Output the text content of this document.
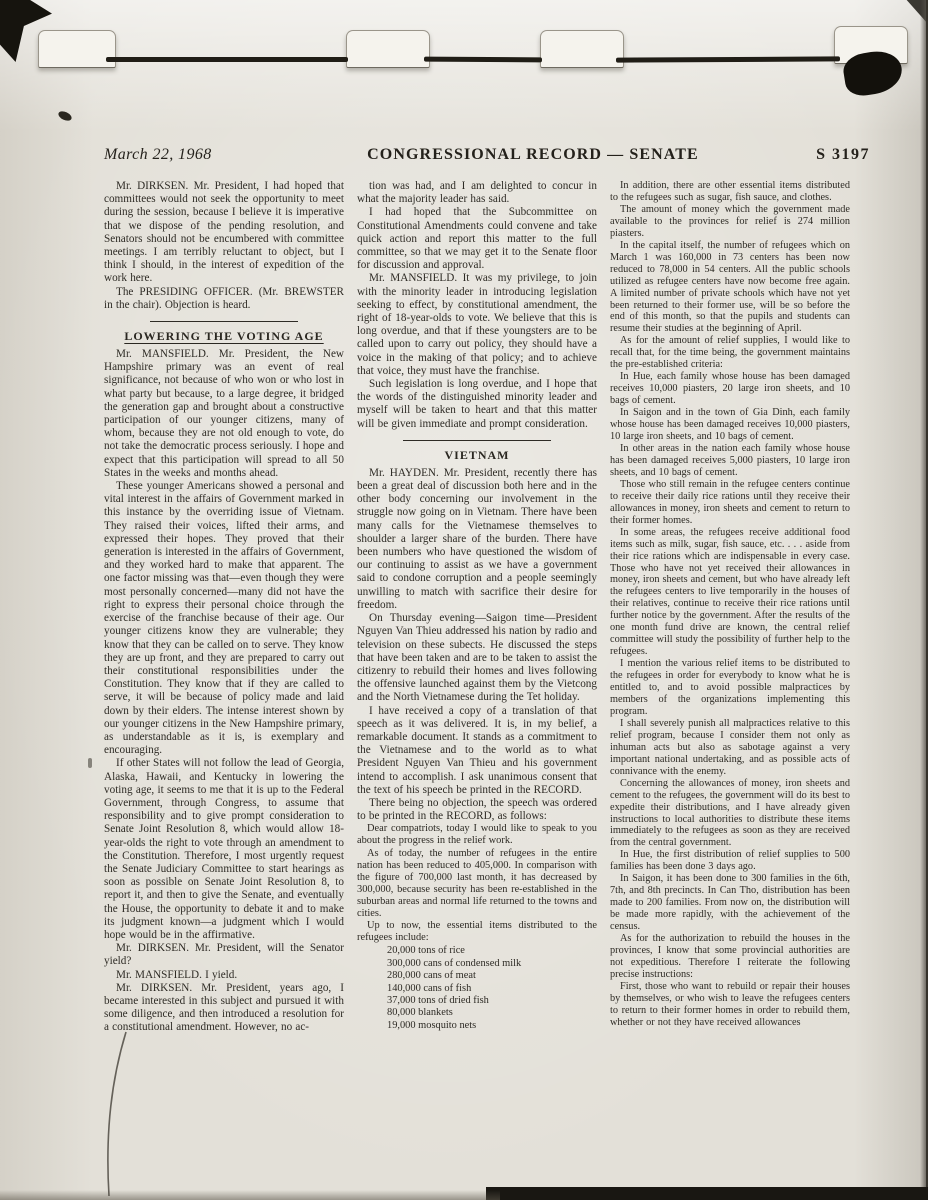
March 22, 1968	CONGRESSIONAL RECORD — SENATE	S 3197

Mr. DIRKSEN. Mr. President, I had hoped that committees would not seek the opportunity to meet during the session, because I believe it is imperative that we dispose of the pending resolution, and Senators should not be encumbered with committee meetings. I am terribly reluctant to object, but I think I should, in the interest of expedition of the work here.

The PRESIDING OFFICER. (Mr. BREWSTER in the chair). Objection is heard.

LOWERING THE VOTING AGE

Mr. MANSFIELD. Mr. President, the New Hampshire primary was an event of real significance, not because of who won or who lost in what party but because, to a large degree, it bridged the generation gap and brought about a constructive participation of our younger citizens, many of whom, because they are not old enough to vote, do not take the democratic process seriously. I hope and expect that this participation will spread to all 50 States in the weeks and months ahead.

These younger Americans showed a personal and vital interest in the affairs of Government marked in this instance by the overriding issue of Vietnam. They raised their voices, lifted their arms, and expressed their hopes. They proved that their generation is interested in the affairs of Government, and they worked hard to make that apparent. The one factor missing was that—even though they were most personally concerned—many did not have the right to express their personal choice through the exercise of the franchise because of their age. Our younger citizens know they are vulnerable; they know that they can be called on to serve. They know they are up front, and they are prepared to carry out their constitutional responsibilities under the Constitution. They know that if they are called to serve, it will be because of policy made and laid down by their elders. The intense interest shown by our younger citizens in the New Hampshire primary, as understandable as it is, is exemplary and encouraging.

If other States will not follow the lead of Georgia, Alaska, Hawaii, and Kentucky in lowering the voting age, it seems to me that it is up to the Federal Government, through Congress, to assume that responsibility and to give prompt consideration to Senate Joint Resolution 8, which would allow 18-year-olds the right to vote through an amendment to the Constitution. Therefore, I most urgently request the Senate Judiciary Committee to start hearings as soon as possible on Senate Joint Resolution 8, to report it, and then to give the Senate, and eventually the House, the opportunity to debate it and to make its judgment known—a judgment which I would hope would be in the affirmative.

Mr. DIRKSEN. Mr. President, will the Senator yield?

Mr. MANSFIELD. I yield.

Mr. DIRKSEN. Mr. President, years ago, I became interested in this subject and pursued it with some diligence, and then introduced a resolution for a constitutional amendment. However, no ac-

tion was had, and I am delighted to concur in what the majority leader has said.

I had hoped that the Subcommittee on Constitutional Amendments could convene and take quick action and report this matter to the full committee, so that we may get it to the Senate floor for discussion and approval.

Mr. MANSFIELD. It was my privilege, to join with the minority leader in introducing legislation seeking to effect, by constitutional amendment, the right of 18-year-olds to vote. We believe that this is long overdue, and that if these youngsters are to be called upon to carry out policy, they should have a voice in the making of that policy; and to achieve that voice, they must have the franchise.

Such legislation is long overdue, and I hope that the words of the distinguished minority leader and myself will be taken to heart and that this matter will be given immediate and prompt consideration.

VIETNAM

Mr. HAYDEN. Mr. President, recently there has been a great deal of discussion both here and in the other body concerning our involvement in the struggle now going on in Vietnam. There have been many calls for the Vietnamese themselves to shoulder a larger share of the burden. There have been numbers who have questioned the wisdom of our continuing to assist as we have a government said to condone corruption and a people seemingly unwilling to match with sacrifice their desire for freedom.

On Thursday evening—Saigon time—President Nguyen Van Thieu addressed his nation by radio and television on these subects. He discussed the steps that have been taken and are to be taken to assist the citizenry to rebuild their homes and lives following the offensive launched against them by the Vietcong and the North Vietnamese during the Tet holiday.

I have received a copy of a translation of that speech as it was delivered. It is, in my belief, a remarkable document. It stands as a commitment to the Vietnamese and to the world as to what President Nguyen Van Thieu and his government intend to accomplish. I ask unanimous consent that the text of his speech be printed in the RECORD.

There being no objection, the speech was ordered to be printed in the RECORD, as follows:

Dear compatriots, today I would like to speak to you about the progress in the relief work.

As of today, the number of refugees in the entire nation has been reduced to 405,000. In comparison with the figure of 700,000 last month, it has decreased by 300,000, because security has been re-established in the suburban areas and normal life returned to the towns and cities.

Up to now, the essential items distributed to the refugees include:

20,000 tons of rice
300,000 cans of condensed milk
280,000 cans of meat
140,000 cans of fish
37,000 tons of dried fish
80,000 blankets
19,000 mosquito nets

In addition, there are other essential items distributed to the refugees such as sugar, fish sauce, and clothes.

The amount of money which the government made available to the provinces for relief is 274 million piasters.

In the capital itself, the number of refugees which on March 1 was 160,000 in 73 centers has been now reduced to 78,000 in 54 centers. All the public schools utilized as refugee centers have now become free again. A limited number of private schools which have not yet been returned to their former use, will be so before the end of this month, so that the pupils and students can resume their studies at the beginning of April.

As for the amount of relief supplies, I would like to recall that, for the time being, the government maintains the pre-established criteria:

In Hue, each family whose house has been damaged receives 10,000 piasters, 20 large iron sheets, and 10 bags of cement.

In Saigon and in the town of Gia Dinh, each family whose house has been damaged receives 10,000 piasters, 10 large iron sheets, and 10 bags of cement.

In other areas in the nation each family whose house has been damaged receives 5,000 piasters, 10 large iron sheets, and 10 bags of cement.

Those who still remain in the refugee centers continue to receive their daily rice rations until they receive their allowances in money, iron sheets and cement to return to their former homes.

In some areas, the refugees receive additional food items such as milk, sugar, fish sauce, etc. . . . aside from their rice rations which are indispensable in every case. Those who have not yet received their allowances in money, iron sheets and cement, but who have already left the refugees centers to live temporarily in the houses of their relatives, continue to receive their rice rations until further notice by the government. After the results of the one month fund drive are known, the central relief committee will study the possibility of further help to the refugees.

I mention the various relief items to be distributed to the refugees in order for everybody to know what he is entitled to, and to avoid possible malpractices by members of the organizations implementing this program.

I shall severely punish all malpractices relative to this relief program, because I consider them not only as inhuman acts but also as sabotage against a very important national undertaking, and as possible acts of connivance with the enemy.

Concerning the allowances of money, iron sheets and cement to the refugees, the government will do its best to expedite their distributions, and I have already given instructions to local authorities to distribute these items immediately to the refugees as soon as they are received from the central government.

In Hue, the first distribution of relief supplies to 500 families has been done 3 days ago.

In Saigon, it has been done to 300 families in the 6th, 7th, and 8th precincts. In Can Tho, distribution has been made to 200 families. From now on, the distribution will be made more rapidly, with the achievement of the census.

As for the authorization to rebuild the houses in the provinces, I know that some provincial authorities are not expeditious. Therefore I reiterate the following precise instructions:

First, those who want to rebuild or repair their houses by themselves, or who wish to leave the refugees centers to return to their former homes in order to rebuild them, whether or not they have received allowances
